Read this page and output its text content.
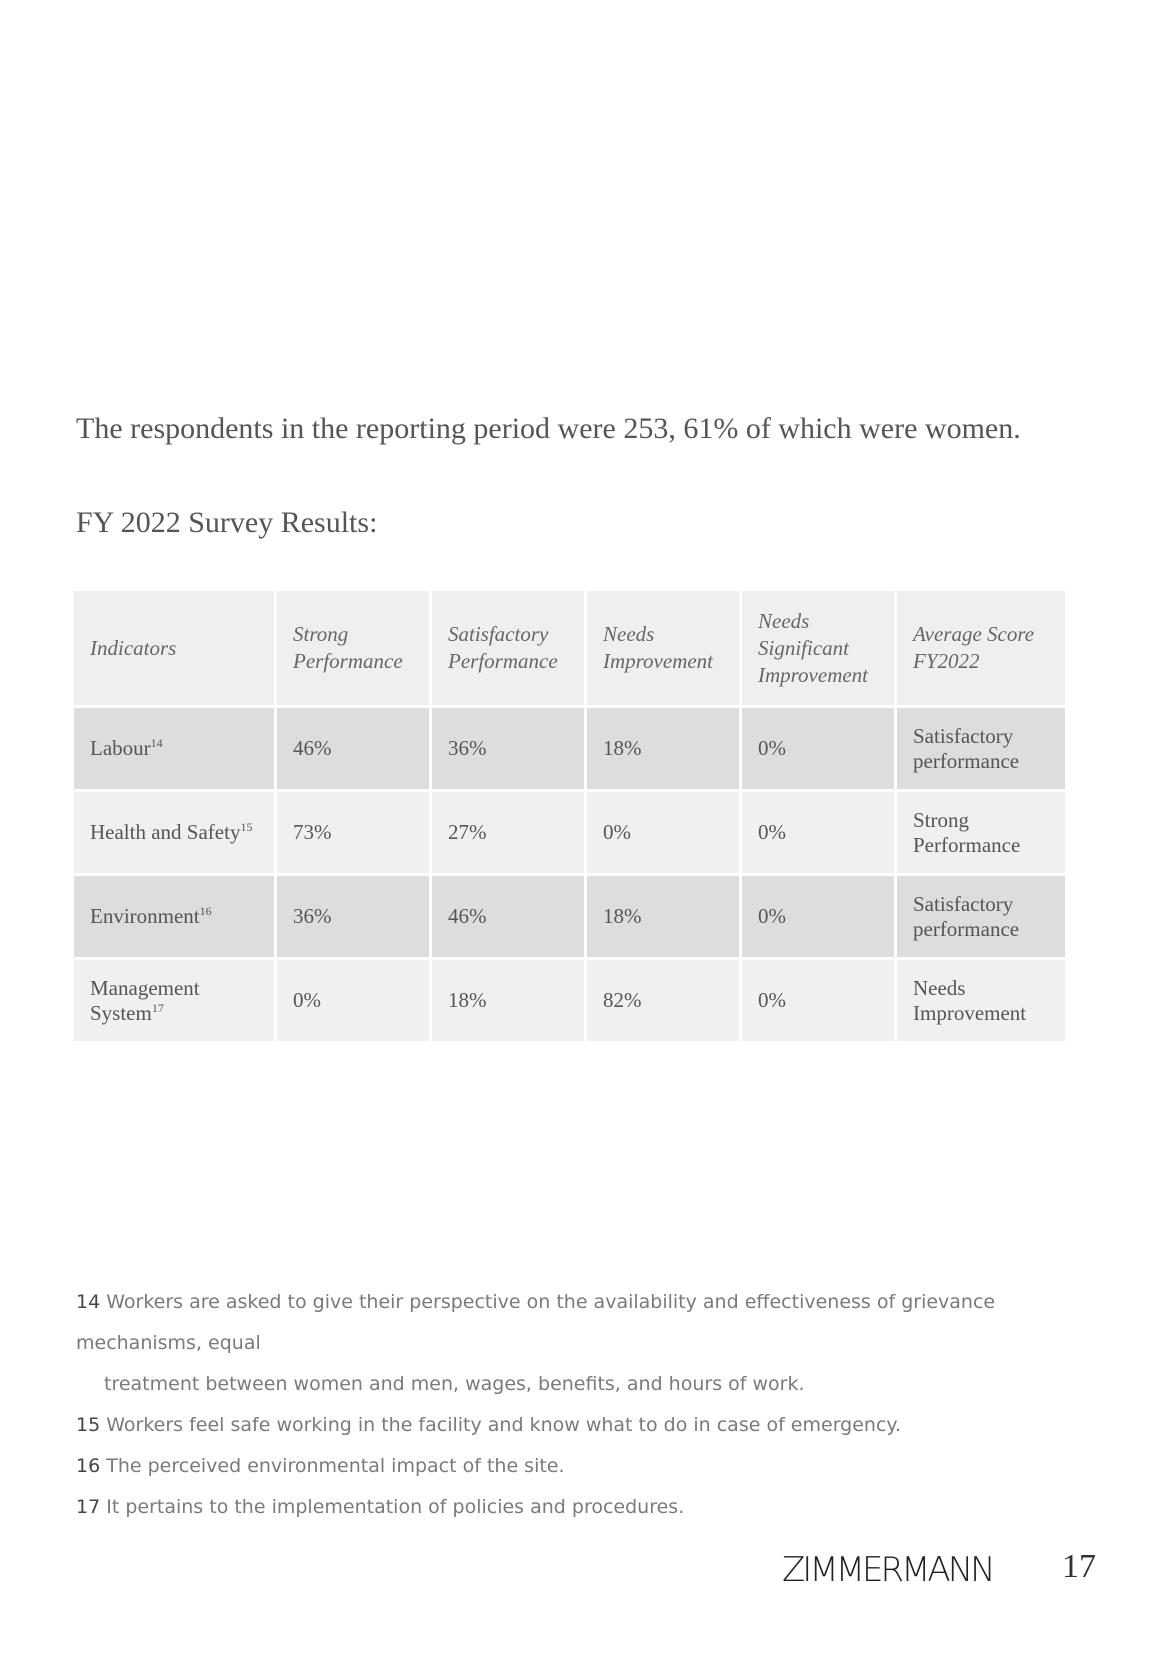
The respondents in the reporting period were 253, 61% of which were women.

FY 2022 Survey Results:

Indicators	Strong Performance	Satisfactory Performance	Needs Improvement	Needs Significant Improvement	Average Score FY2022
Labour$^{14}$	46%	36%	18%	0%	Satisfactory performance
Health and Safety$^{15}$	73%	27%	0%	0%	Strong Performance
Environment$^{16}$	36%	46%	18%	0%	Satisfactory performance
Management System$^{17}$	0%	18%	82%	0%	Needs Improvement
14 Workers are asked to give their perspective on the availability and effectiveness of grievance mechanisms, equal
treatment between women and men, wages, benefits, and hours of work.
15 Workers feel safe working in the facility and know what to do in case of emergency.
16 The perceived environmental impact of the site.
17 It pertains to the implementation of policies and procedures.
ZIMMERMANN 17
